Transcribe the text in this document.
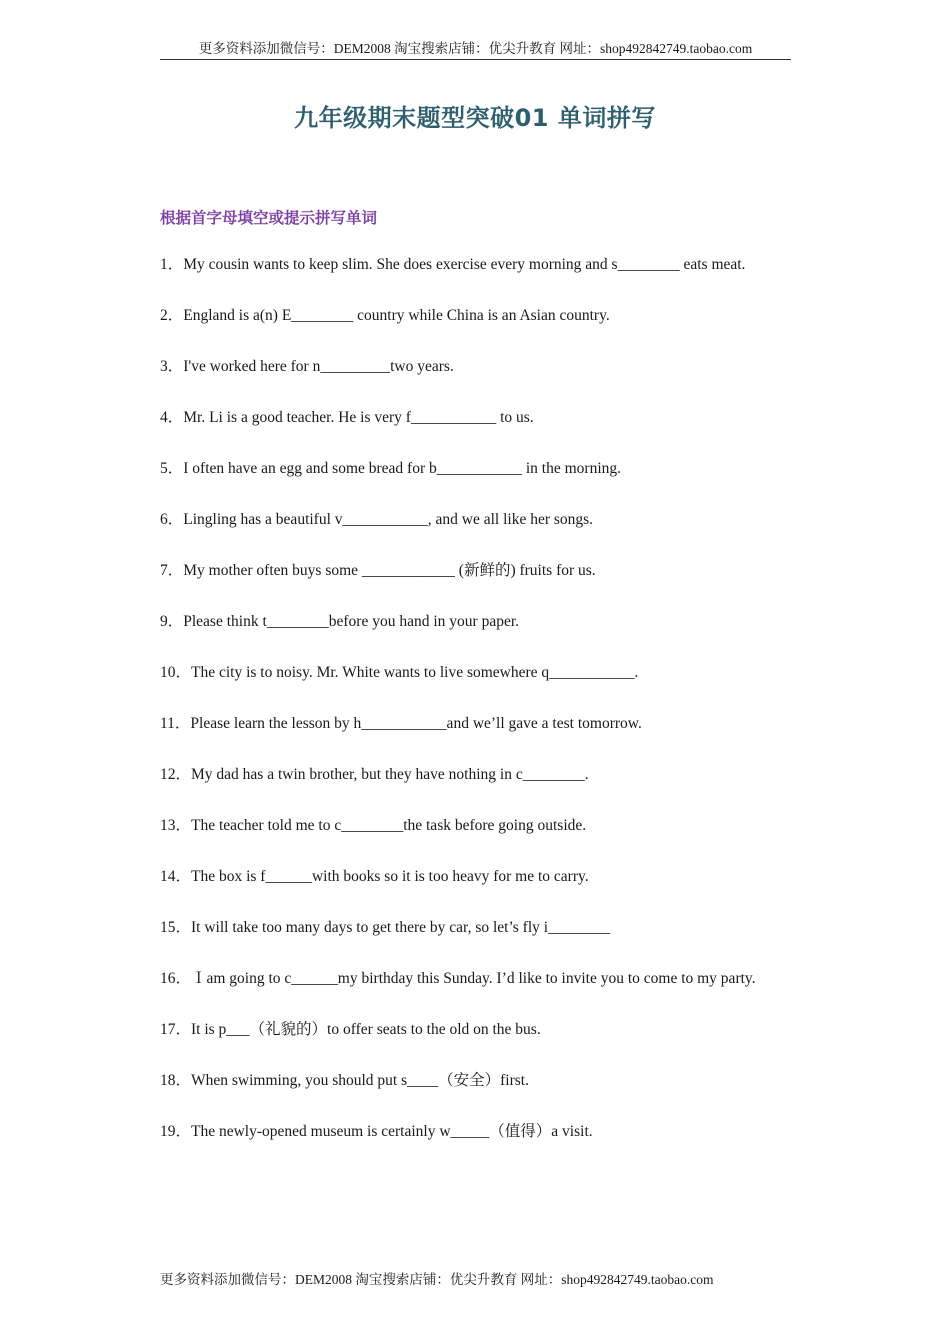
更多资料添加微信号：DEM2008 淘宝搜索店铺：优尖升教育 网址：shop492842749.taobao.com
九年级期末题型突破01 单词拼写
根据首字母填空或提示拼写单词
1．My cousin wants to keep slim. She does exercise every morning and s________ eats meat.
2．England is a(n) E________ country while China is an Asian country.
3．I've worked here for n_________two years.
4．Mr. Li is a good teacher. He is very f___________ to us.
5．I often have an egg and some bread for b___________ in the morning.
6．Lingling has a beautiful v___________, and we all like her songs.
7．My mother often buys some ____________ (新鲜的) fruits for us.
9．Please think t________before you hand in your paper.
10．The city is to noisy. Mr. White wants to live somewhere q___________.
11．Please learn the lesson by h___________and we’ll gave a test tomorrow.
12．My dad has a twin brother, but they have nothing in c________.
13．The teacher told me to c________the task before going outside.
14．The box is f______with books so it is too heavy for me to carry.
15．It will take too many days to get there by car, so let’s fly i________
16．Ｉam going to c______my birthday this Sunday. I’d like to invite you to come to my party.
17．It is p___（礼貌的）to offer seats to the old on the bus.
18．When swimming, you should put s____（安全）first.
19．The newly-opened museum is certainly w_____（值得）a visit.
更多资料添加微信号：DEM2008 淘宝搜索店铺：优尖升教育 网址：shop492842749.taobao.com
